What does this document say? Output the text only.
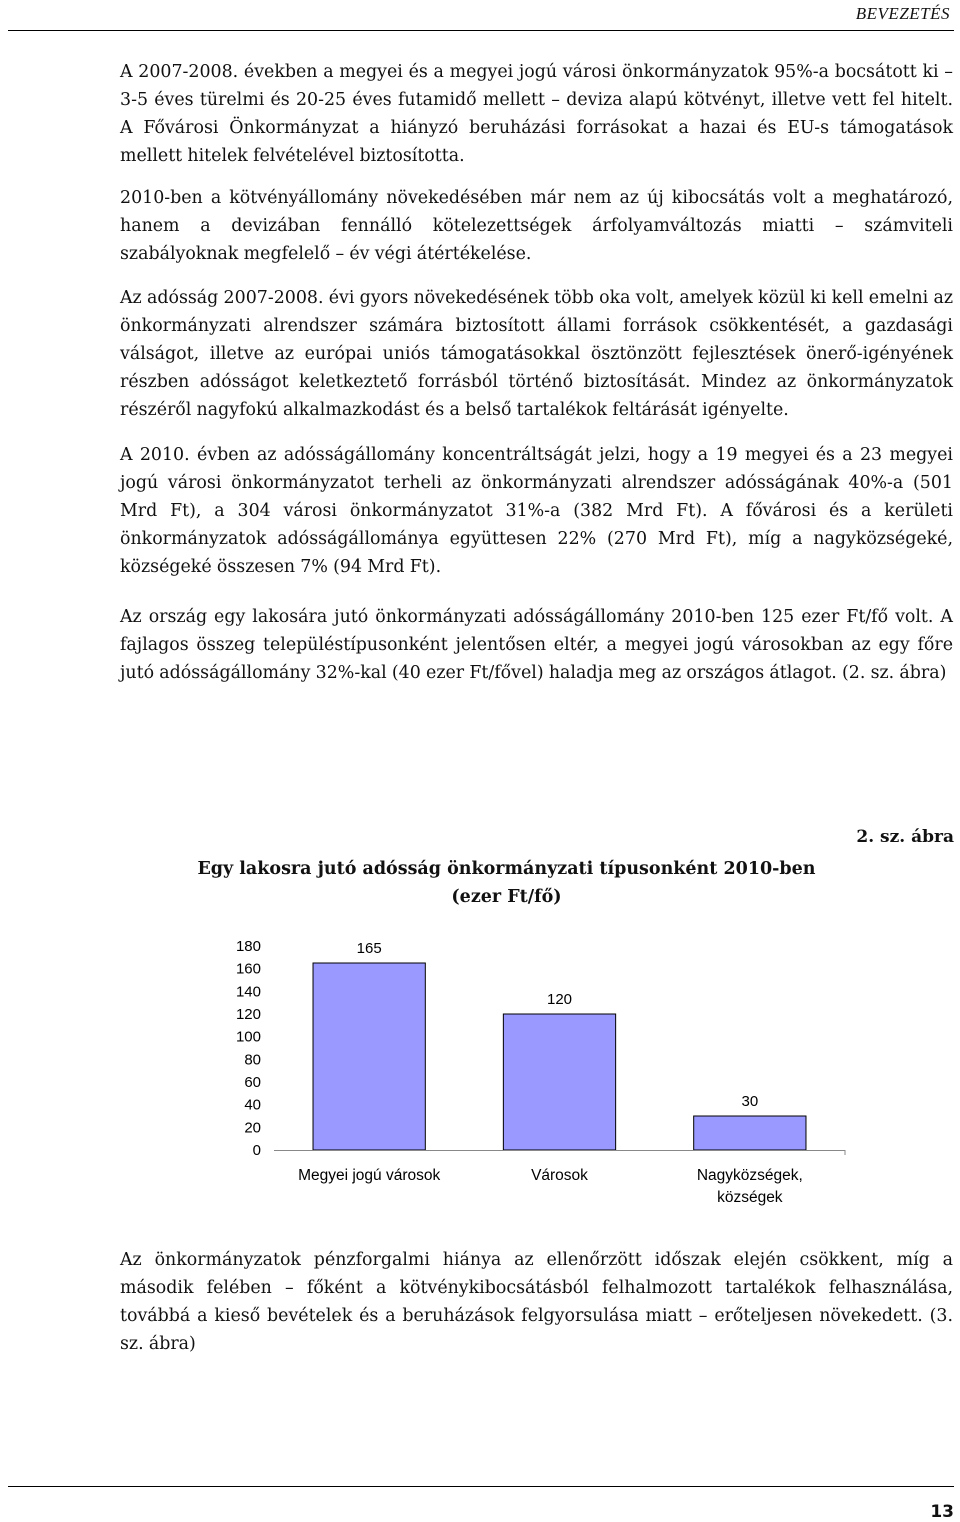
BEVEZETÉS

A 2007-2008. években a megyei és a megyei jogú városi önkormányzatok 95%-a bocsátott ki – 3-5 éves türelmi és 20-25 éves futamidő mellett – deviza alapú kötvényt, illetve vett fel hitelt. A Fővárosi Önkormányzat a hiányzó beruházási forrásokat a hazai és EU-s támogatások mellett hitelek felvételével biztosította.

2010-ben a kötvényállomány növekedésében már nem az új kibocsátás volt a meghatározó, hanem a devizában fennálló kötelezettségek árfolyamváltozás miatti – számviteli szabályoknak megfelelő – év végi átértékelése.

Az adósság 2007-2008. évi gyors növekedésének több oka volt, amelyek közül ki kell emelni az önkormányzati alrendszer számára biztosított állami források csökkentését, a gazdasági válságot, illetve az európai uniós támogatásokkal ösztönzött fejlesztések önerő-igényének részben adósságot keletkeztető forrásból történő biztosítását. Mindez az önkormányzatok részéről nagyfokú alkalmazkodást és a belső tartalékok feltárását igényelte.

A 2010. évben az adósságállomány koncentráltságát jelzi, hogy a 19 megyei és a 23 megyei jogú városi önkormányzatot terheli az önkormányzati alrendszer adósságának 40%-a (501 Mrd Ft), a 304 városi önkormányzatot 31%-a (382 Mrd Ft). A fővárosi és a kerületi önkormányzatok adósságállománya együttesen 22% (270 Mrd Ft), míg a nagyközségeké, községeké összesen 7% (94 Mrd Ft).

Az ország egy lakosára jutó önkormányzati adósságállomány 2010-ben 125 ezer Ft/fő volt. A fajlagos összeg településtípusonként jelentősen eltér, a megyei jogú városokban az egy főre jutó adósságállomány 32%-kal (40 ezer Ft/fővel) haladja meg az országos átlagot. (2. sz. ábra)

2. sz. ábra
Egy lakosra jutó adósság önkormányzati típusonként 2010-ben
(ezer Ft/fő)
0
20
40
60
80
100
120
140
160
180	165
Megyei jogú városok
120
Városok
30
Nagyközségek,
községek

Az önkormányzatok pénzforgalmi hiánya az ellenőrzött időszak elején csökkent, míg a második felében – főként a kötvénykibocsátásból felhalmozott tartalékok felhasználása, továbbá a kieső bevételek és a beruházások felgyorsulása miatt – erőteljesen növekedett. (3. sz. ábra)

13
